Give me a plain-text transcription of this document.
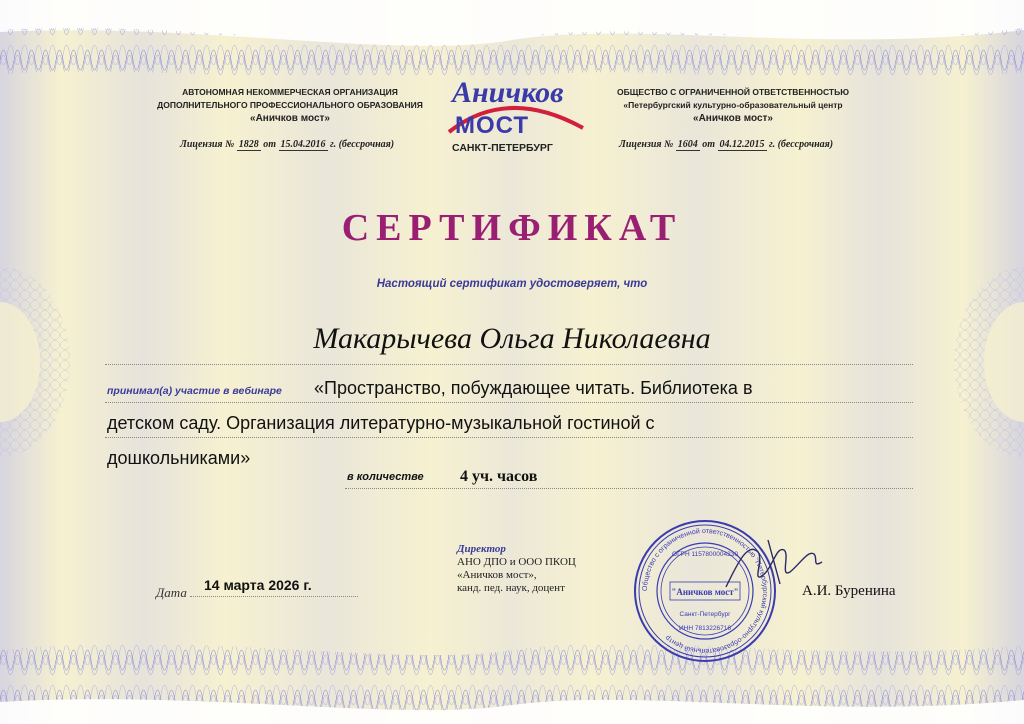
АВТОНОМНАЯ НЕКОММЕРЧЕСКАЯ ОРГАНИЗАЦИЯ
ДОПОЛНИТЕЛЬНОГО ПРОФЕССИОНАЛЬНОГО ОБРАЗОВАНИЯ
«Аничков мост»
Лицензия № 1828 от 15.04.2016 г. (бессрочная)
Аничков
МОСТ
САНКТ-ПЕТЕРБУРГ
ОБЩЕСТВО С ОГРАНИЧЕННОЙ ОТВЕТСТВЕННОСТЬЮ
«Петербургский культурно-образовательный центр
«Аничков мост»
Лицензия № 1604 от 04.12.2015 г. (бессрочная)
СЕРТИФИКАТ
Настоящий сертификат удостоверяет, что
Макарычева Ольга Николаевна
принимал(а) участие в вебинаре «Пространство, побуждающее читать. Библиотека в
детском саду. Организация литературно-музыкальной гостиной с
дошкольниками»
в количестве 4 уч. часов
Дата 14 марта 2026 г.
Директор
АНО ДПО и ООО ПКОЦ
«Аничков мост»,
канд. пед. наук, доцент	Общество с ограниченной ответственностью "Петербургский культурно-образовательный центр
ОГРН 1157800004230
ИНН 7813226716
"Аничков мост"
Санкт-Петербург
А.И. Буренина
